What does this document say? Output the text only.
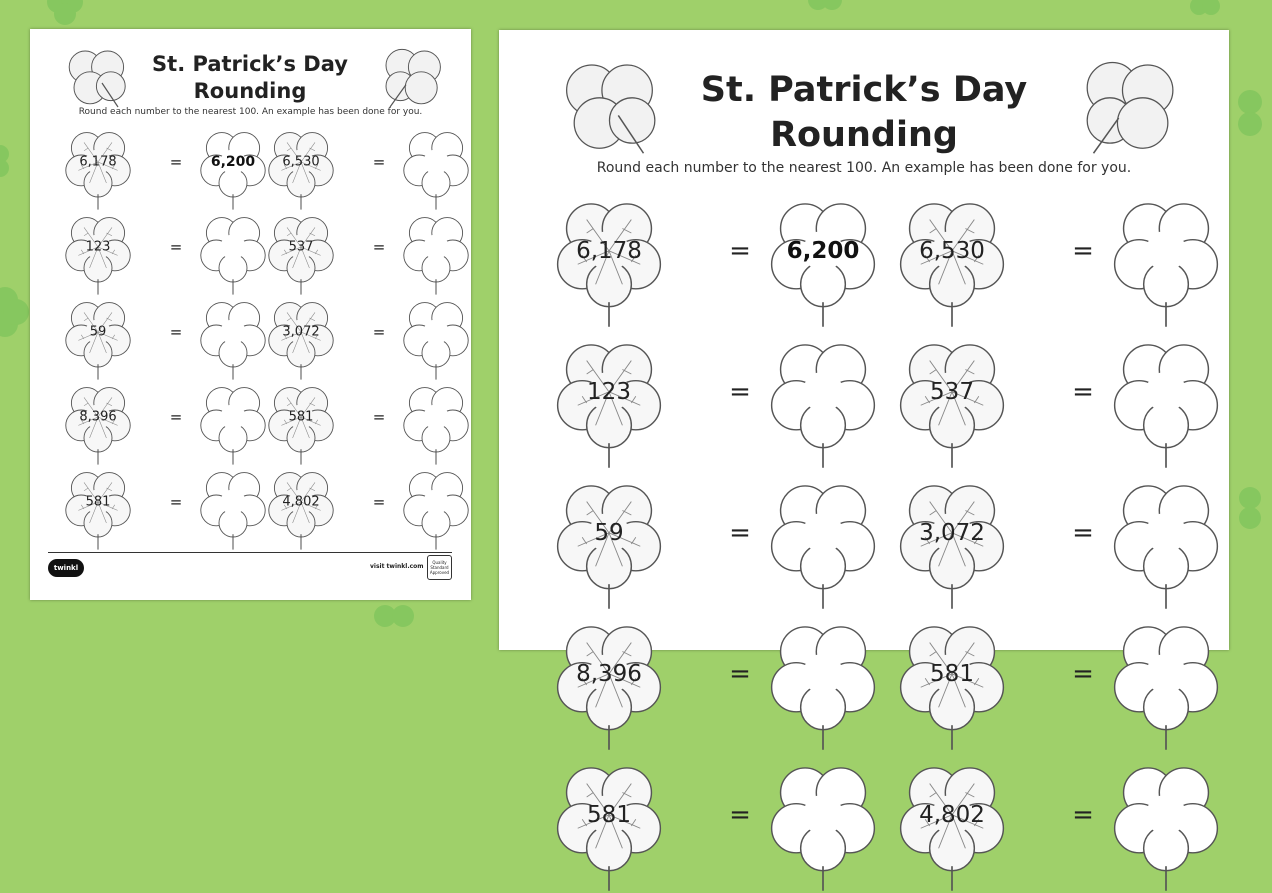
St. Patrick’s Day
Rounding
Round each number to the nearest 100. An example has been done for you.
twinkl	visit twinkl.com
Quality Standard Approved
6,178	= 6,200 6,530	=
123	=	537	=
59	=	3,072	=
8,396	=	581	=
581	=	4,802	=
St. Patrick’s Day
Rounding
Round each number to the nearest 100. An example has been done for you.
6,178	= 6,200	6,530	=
123	=	537	=
59	=	3,072	=
8,396	=	581	=
581	=	4,802	=
